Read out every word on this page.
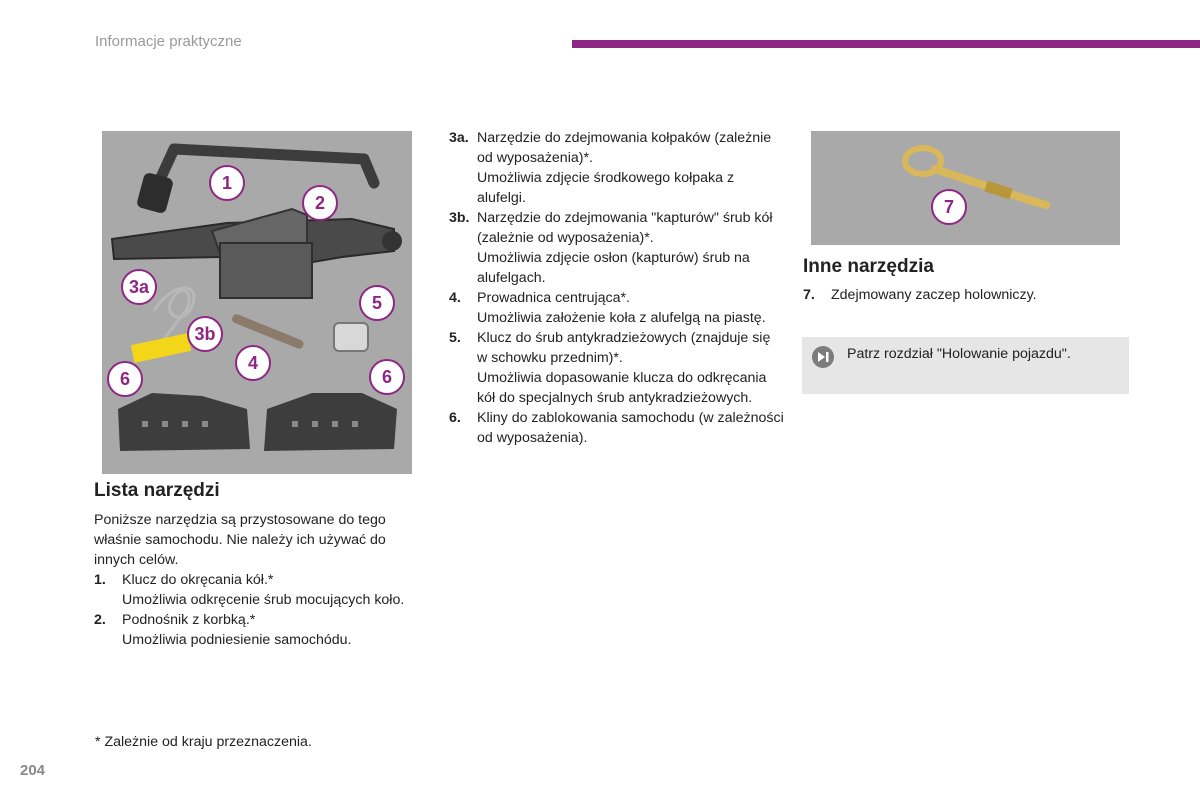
Informacje praktyczne
1
2
3a
3b
4
5
6	6
7
Lista narzędzi
Poniższe narzędzia są przystosowane do tego właśnie samochodu. Nie należy ich używać do innych celów.
1.	Klucz do okręcania kół.*
Umożliwia odkręcenie śrub mocujących koło.
2.	Podnośnik z korbką.*
Umożliwia podniesienie samochódu.
3a. Narzędzie do zdejmowania kołpaków (zależnie od wyposażenia)*.
Umożliwia zdjęcie środkowego kołpaka z alufelgi.
3b. Narzędzie do zdejmowania "kapturów" śrub kół (zależnie od wyposażenia)*.
Umożliwia zdjęcie osłon (kapturów) śrub na alufelgach.
4.	Prowadnica centrująca*.
Umożliwia założenie koła z alufelgą na piastę.
5.	Klucz do śrub antykradzieżowych (znajduje się w schowku przednim)*.
Umożliwia dopasowanie klucza do odkręcania kół do specjalnych śrub antykradzieżowych.
6.	Kliny do zablokowania samochodu (w zależności od wyposażenia).
Inne narzędzia
7.	Zdejmowany zaczep holowniczy.
Patrz rozdział "Holowanie pojazdu".
* Zależnie od kraju przeznaczenia.
204
